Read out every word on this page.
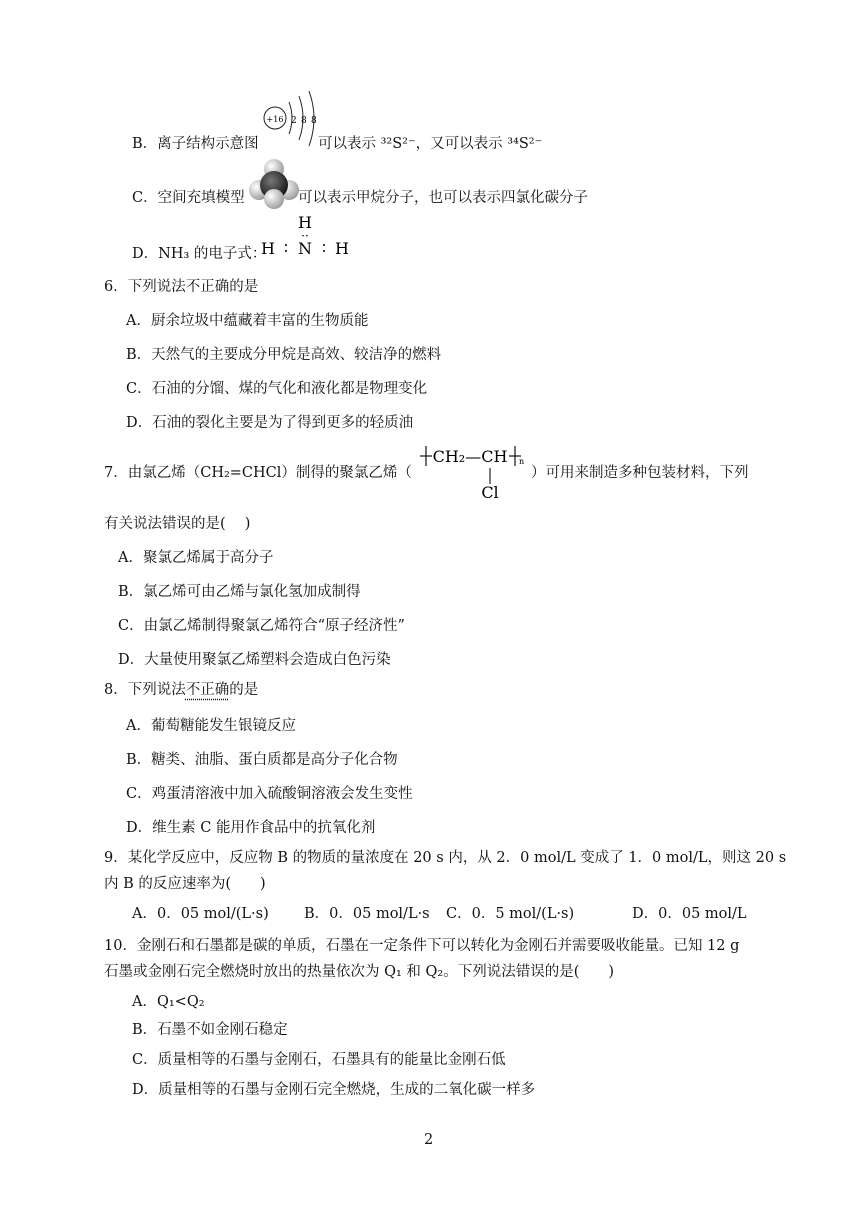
B．离子结构示意图
+16 2 8 8
可以表示 ³²S²⁻，又可以表示 ³⁴S²⁻
C．空间充填模型	可以表示甲烷分子，也可以表示四氯化碳分子
D．NH₃ 的电子式：
H
··
H ∶ N ∶ H
6．下列说法不正确的是
A．厨余垃圾中蕴藏着丰富的生物质能
B．天然气的主要成分甲烷是高效、较洁净的燃料
C．石油的分馏、煤的气化和液化都是物理变化
D．石油的裂化主要是为了得到更多的轻质油
7．由氯乙烯（CH₂=CHCl）制得的聚氯乙烯（
CH₂—CH n
Cl
）可用来制造多种包装材料，下列
有关说法错误的是(　 )
A．聚氯乙烯属于高分子
B．氯乙烯可由乙烯与氯化氢加成制得
C．由氯乙烯制得聚氯乙烯符合“原子经济性”
D．大量使用聚氯乙烯塑料会造成白色污染
8．下列说法不正确的是
A．葡萄糖能发生银镜反应
B．糖类、油脂、蛋白质都是高分子化合物
C．鸡蛋清溶液中加入硫酸铜溶液会发生变性
D．维生素 C 能用作食品中的抗氧化剂
9．某化学反应中，反应物 B 的物质的量浓度在 20 s 内，从 2．0 mol/L 变成了 1．0 mol/L，则这 20 s
内 B 的反应速率为(　　)
A．0．05 mol/(L·s) B．0．05 mol/L·s C．0．5 mol/(L·s)	D．0．05 mol/L
10．金刚石和石墨都是碳的单质，石墨在一定条件下可以转化为金刚石并需要吸收能量。已知 12 g
石墨或金刚石完全燃烧时放出的热量依次为 Q₁ 和 Q₂。下列说法错误的是(　　)
A．Q₁<Q₂
B．石墨不如金刚石稳定
C．质量相等的石墨与金刚石，石墨具有的能量比金刚石低
D．质量相等的石墨与金刚石完全燃烧，生成的二氧化碳一样多
2
